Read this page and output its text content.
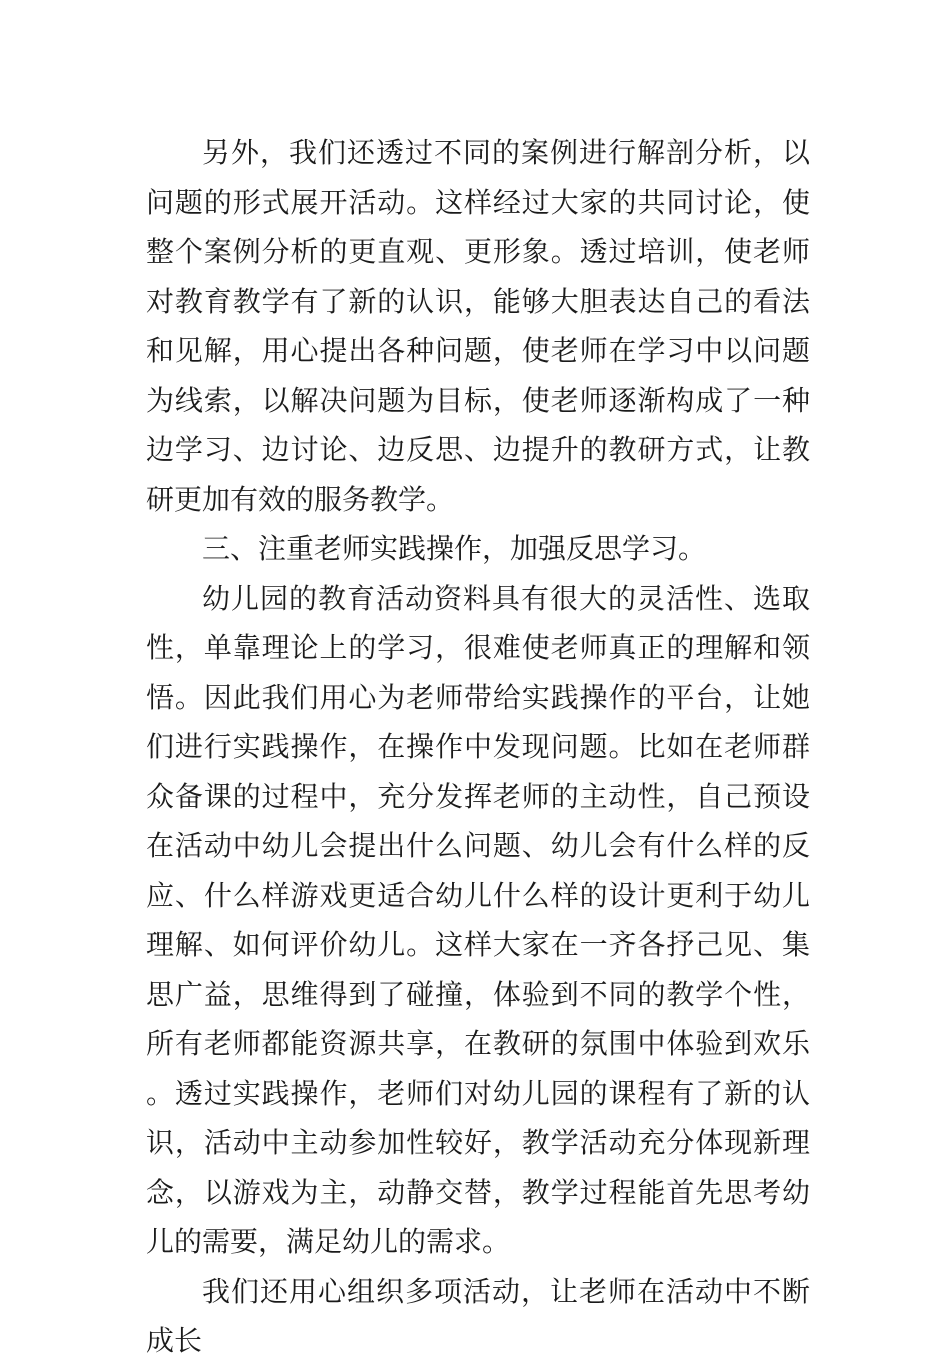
另外，我们还透过不同的案例进行解剖分析，以问题的形式展开活动。这样经过大家的共同讨论，使整个案例分析的更直观、更形象。透过培训，使老师对教育教学有了新的认识，能够大胆表达自己的看法和见解，用心提出各种问题，使老师在学习中以问题为线索，以解决问题为目标，使老师逐渐构成了一种边学习、边讨论、边反思、边提升的教研方式，让教研更加有效的服务教学。

三、注重老师实践操作，加强反思学习。

幼儿园的教育活动资料具有很大的灵活性、选取性，单靠理论上的学习，很难使老师真正的理解和领悟。因此我们用心为老师带给实践操作的平台，让她们进行实践操作，在操作中发现问题。比如在老师群众备课的过程中，充分发挥老师的主动性，自己预设在活动中幼儿会提出什么问题、幼儿会有什么样的反应、什么样游戏更适合幼儿什么样的设计更利于幼儿理解、如何评价幼儿。这样大家在一齐各抒己见、集思广益，思维得到了碰撞，体验到不同的教学个性，所有老师都能资源共享，在教研的氛围中体验到欢乐。透过实践操作，老师们对幼儿园的课程有了新的认识，活动中主动参加性较好，教学活动充分体现新理念，以游戏为主，动静交替，教学过程能首先思考幼儿的需要，满足幼儿的需求。

我们还用心组织多项活动，让老师在活动中不断成长
